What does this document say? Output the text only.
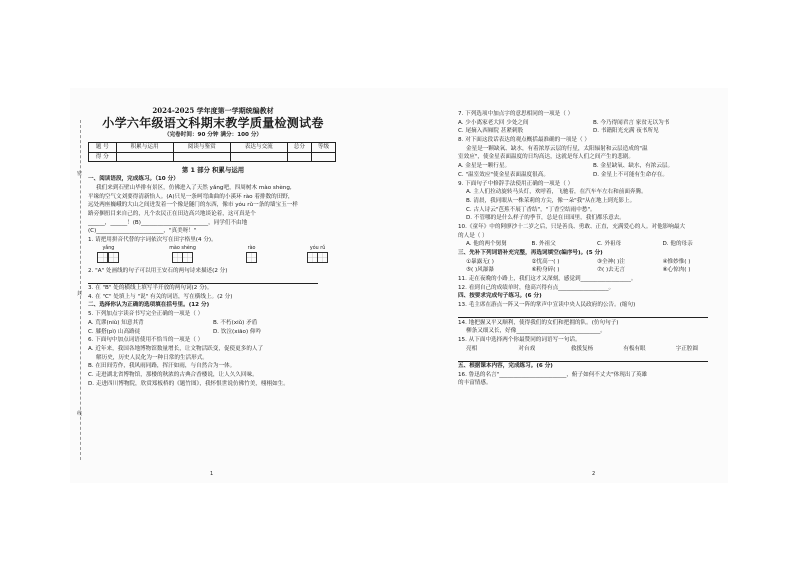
密
封
线
2024-2025 学年度第一学期统编教材
小学六年级语文科期末教学质量检测试卷
（完卷时间：90 分钟 满分：100 分）
题 号	积累与运用	阅读与鉴赏	表达与交流	总分	等级
得 分					
第 1 部分 积累与运用
一、阅读语段，完成练习。（10 分）
我们来到石壁山毕排有景区，仿佛进入了天然 yǎng吧，四周树木 mào shèng,
平缘的空气文刘要得清新怡人。(A)只见一条呵弯曲曲的小溪环 rào 着排数的田野，
远处两座巍峨的大山之间迸发着一个像是隧门的东西，像市 yóu rǔ一条的墙宝玉一样
路旁捆扭目来自己的，凡个农民正在田边高兴地谈论着，这可真是个
______，______！(B)________________________，同学们不由地
(C)________________________，"真美呀！"
1. 请把用拼音代替的字词依次写在田字格里(4 分)。
yǎng	mào shèng	rào	yóu rǔ
2. "A" 处画线的句子可以用王安石的两句诗来描述(2 分)
3. 在 "B" 处的横线上填写半开放的两句词(2 分)。
4. 在 "C" 处填上与 "说" 有关的词语，写在横线上。(2 分)
二、选择你认为正确的选项填在括号里。(12 分)
5. 下列加点字读音书写完全正确的一项是（ ）
A. 荒谬(niù) 知意其背	B. 不朽(xiǔ) 矛盾
C. 膝搭(pì) 山高路徒	D. 饮泣(xiāo) 仰吟
6. 下面句中加点词语使用不恰当的一项是（ ）
A. 近年来，我国各地博物馆数量增长，让文物活跃变，促使更多的人了
解历史，历史人民化为一种日常的生活形式。
B. 在田间劳作，我风雨同路，挥汗如雨，与自然合为一体。
C. 走进湖北省博物馆，那楼的秋浓的古典合香楼说，让人久久回味。
D. 走进四川博物院，欣赏郑板桥的《题竹图》，我怀恨世说仿佛竹美，栩栩如生。
1
7. 下列选项中加点字的意思相同的一项是（ ）
A. 少小离家老大回 少处之间	B. 今乃得闻君言 家贫无以为书
C. 尾摘入西厢院 甚紧刺股	D. 书籍阳光充满 夜书所见
8. 对下面这段话表达的观点概括最准确的一项是（ ）
金星是一颗缺氧、缺水，有着浓厚云层的行星，太阳辐射和云层造成的"温
室效应"，使金星表面温度的日均高达，这就是每人们之间产生的悲剧。
A. 金星是一颗行星。	B. 金星缺氧、缺水，有浓云层。
C. "温室效应"使金星表面温度很高。	D. 金星上不可能有生命存在。
9. 下面句子中修辞手法使用正确的一项是（ ）
A. 主人们拉动旋转马头灯，欢呼着，飞驰着，在汽车车左右和前面奔腾。
B. 清晨，我同眼从一株茉莉的方尖，像一朵"我"从在地上到光影上。
C. 古人诗云"芭蕉不展丁香结"，"丁香空结雨中愁"。
D. 不管哪的是什么样子的季节，总是在田园里，我们都乐意去。
10.《童年》中的阿廖沙十二岁之后，只是善良、勇敢、正直，充满爱心的人。对他影响最大
的人是（ ）
A. 他的两个舅舅	B. 外祖父	C. 外祖母	D. 他的母亲
三、先补下列词语补充完整，再选词填空(编序号)。(5 分)
①暴露无( )	②忧高一( )	③全神( )注	④惟妙惟( )
⑤( )风瀑瀑	⑥粉身碎( )	⑦( )去无言	⑧心惊肉( )
11. 走在夜晚的小路上，我们这才又深刻，感觉到__________________。
12. 看到自己的成绩单时，他高兴得有点__________________。
四、按要求完成句子练习。(6 分)
13. 毛主席在游点一阵又一阵的掌声中宣读中央人民政府的公告。(缩句)
14. 地把握又平又顺利，使得我们的女们和把拥的队。(仿句句子)
柳条又细又长，好像______________________________。
15. 从下面中选择两个你最赞同的词语写一句话。
亮相	对台戏	救援复杨	有板有眼	字正腔圆
五、根据课本内容，完成练习。(6 分)
16. 鲁迅的名言"________________________，俯子如何不丈夫"体现出了英雄
的丰富情感。
2
